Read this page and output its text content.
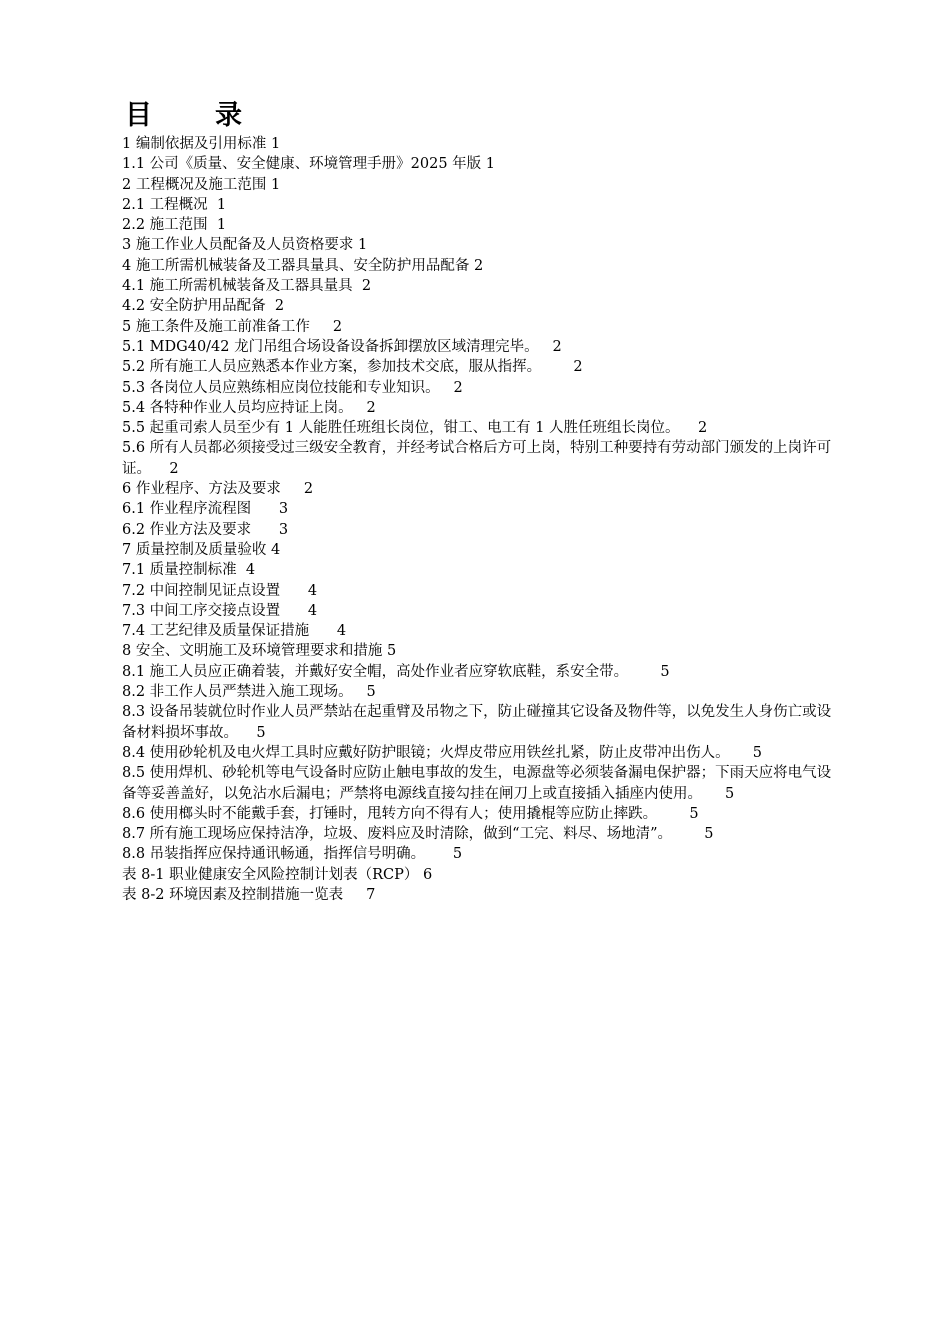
目　录
1 编制依据及引用标准 1
1.1 公司《质量、安全健康、环境管理手册》2025 年版 1
2 工程概况及施工范围 1
2.1 工程概况  1
2.2 施工范围  1
3 施工作业人员配备及人员资格要求 1
4 施工所需机械装备及工器具量具、安全防护用品配备 2
4.1 施工所需机械装备及工器具量具  2
4.2 安全防护用品配备  2
5 施工条件及施工前准备工作     2
5.1 MDG40/42 龙门吊组合场设备设备拆卸摆放区域清理完毕。   2
5.2 所有施工人员应熟悉本作业方案，参加技术交底，服从指挥。       2
5.3 各岗位人员应熟练相应岗位技能和专业知识。   2
5.4 各特种作业人员均应持证上岗。   2
5.5 起重司索人员至少有 1 人能胜任班组长岗位，钳工、电工有 1 人胜任班组长岗位。    2
5.6 所有人员都必须接受过三级安全教育，并经考试合格后方可上岗，特别工种要持有劳动部门颁发的上岗许可证。    2
6 作业程序、方法及要求     2
6.1 作业程序流程图      3
6.2 作业方法及要求      3
7 质量控制及质量验收 4
7.1 质量控制标准  4
7.2 中间控制见证点设置      4
7.3 中间工序交接点设置      4
7.4 工艺纪律及质量保证措施      4
8 安全、文明施工及环境管理要求和措施 5
8.1 施工人员应正确着装，并戴好安全帽，高处作业者应穿软底鞋，系安全带。       5
8.2 非工作人员严禁进入施工现场。   5
8.3 设备吊装就位时作业人员严禁站在起重臂及吊物之下，防止碰撞其它设备及物件等，以免发生人身伤亡或设备材料损坏事故。    5
8.4 使用砂轮机及电火焊工具时应戴好防护眼镜；火焊皮带应用铁丝扎紧，防止皮带冲出伤人。     5
8.5 使用焊机、砂轮机等电气设备时应防止触电事故的发生，电源盘等必须装备漏电保护器；下雨天应将电气设备等妥善盖好，以免沾水后漏电；严禁将电源线直接勾挂在闸刀上或直接插入插座内使用。     5
8.6 使用榔头时不能戴手套，打锤时，甩转方向不得有人；使用撬棍等应防止摔跌。       5
8.7 所有施工现场应保持洁净，垃圾、废料应及时清除，做到“工完、料尽、场地清”。       5
8.8 吊装指挥应保持通讯畅通，指挥信号明确。      5
表 8-1 职业健康安全风险控制计划表（RCP） 6
表 8-2 环境因素及控制措施一览表     7
